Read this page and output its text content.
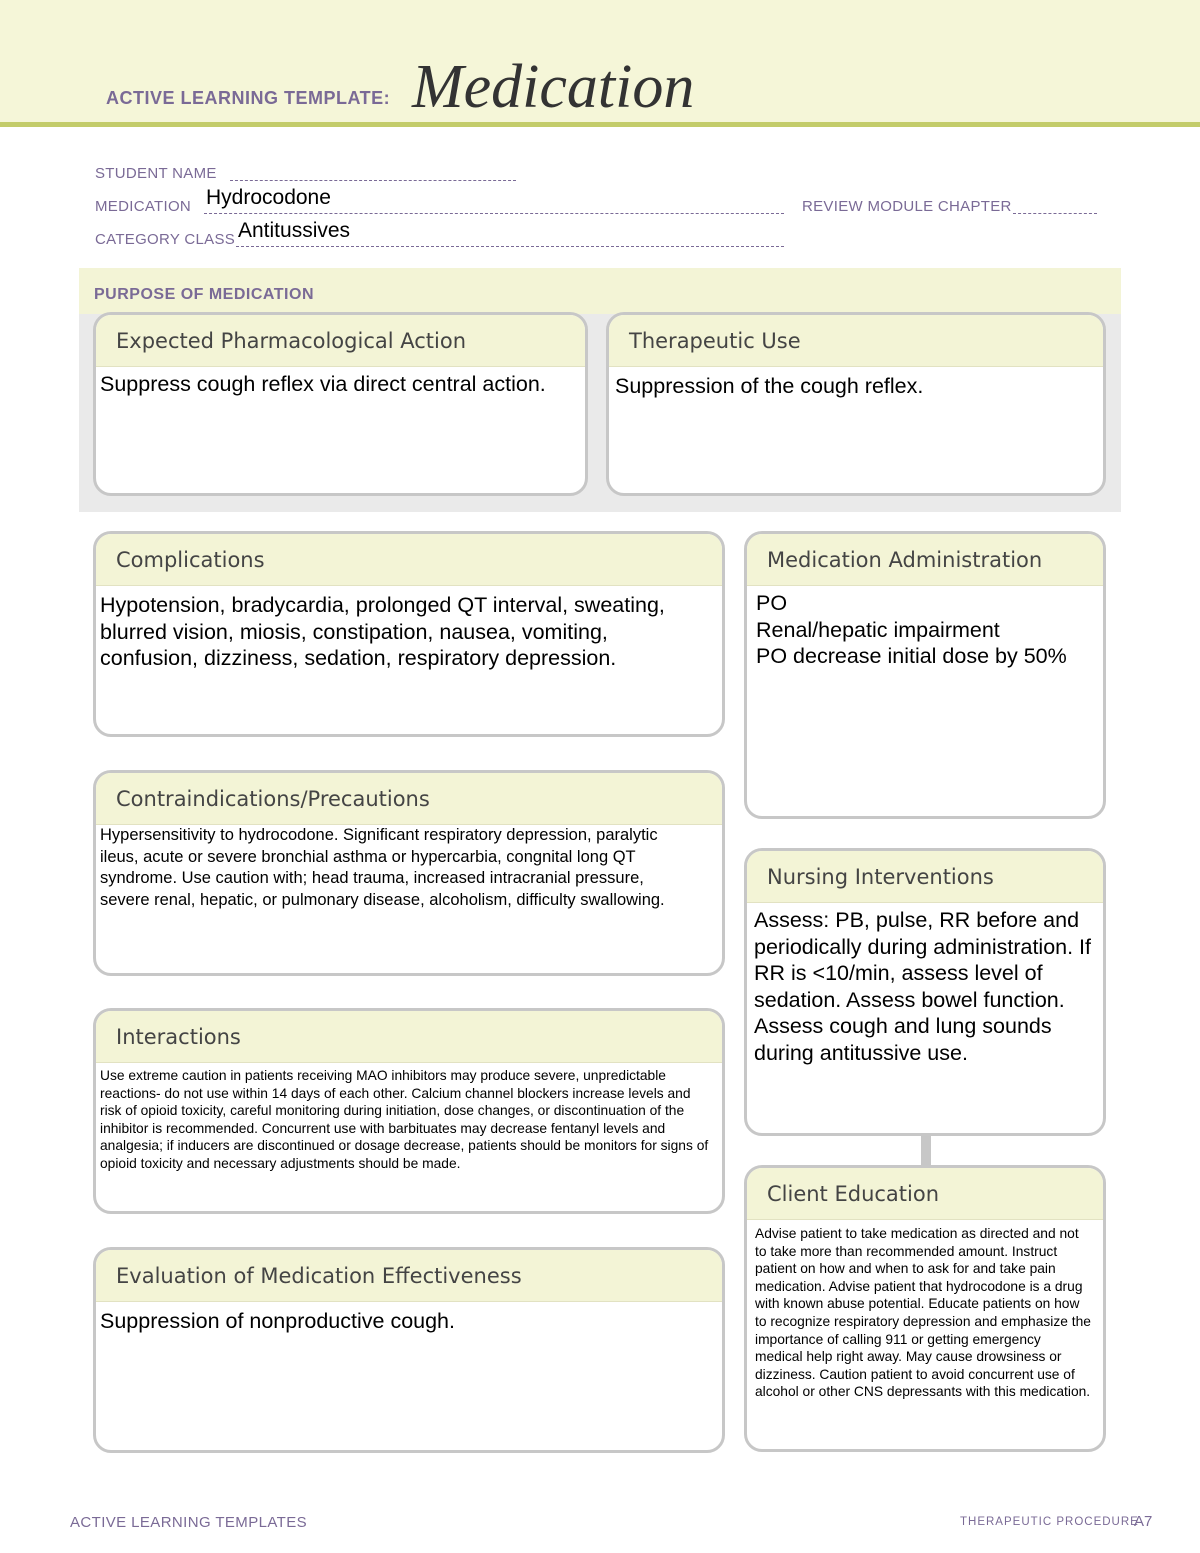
ACTIVE LEARNING TEMPLATE: Medication
STUDENT NAME
MEDICATION Hydrocodone	REVIEW MODULE CHAPTER
CATEGORY CLASS Antitussives
PURPOSE OF MEDICATION
Expected Pharmacological Action
Suppress cough reflex via direct central action.
Therapeutic Use
Suppression of the cough reflex.
Complications
Hypotension, bradycardia, prolonged QT interval, sweating, blurred vision, miosis, constipation, nausea, vomiting, confusion, dizziness, sedation, respiratory depression.
Medication Administration
PO
Renal/hepatic impairment
PO decrease initial dose by 50%
Contraindications/Precautions
Hypersensitivity to hydrocodone. Significant respiratory depression, paralytic ileus, acute or severe bronchial asthma or hypercarbia, congnital long QT syndrome. Use caution with; head trauma, increased intracranial pressure, severe renal, hepatic, or pulmonary disease, alcoholism, difficulty swallowing.
Nursing Interventions
Assess: PB, pulse, RR before and periodically during administration. If RR is <10/min, assess level of sedation. Assess bowel function. Assess cough and lung sounds during antitussive use.
Interactions
Use extreme caution in patients receiving MAO inhibitors may produce severe, unpredictable reactions- do not use within 14 days of each other. Calcium channel blockers increase levels and risk of opioid toxicity, careful monitoring during initiation, dose changes, or discontinuation of the inhibitor is recommended. Concurrent use with barbituates may decrease fentanyl levels and analgesia; if inducers are discontinued or dosage decrease, patients should be monitors for signs of opioid toxicity and necessary adjustments should be made.
Client Education
Advise patient to take medication as directed and not to take more than recommended amount. Instruct patient on how and when to ask for and take pain medication. Advise patient that hydrocodone is a drug with known abuse potential. Educate patients on how to recognize respiratory depression and emphasize the importance of calling 911 or getting emergency medical help right away. May cause drowsiness or dizziness. Caution patient to avoid concurrent use of alcohol or other CNS depressants with this medication.
Evaluation of Medication Effectiveness
Suppression of nonproductive cough.
ACTIVE LEARNING TEMPLATES	THERAPEUTIC PROCEDURE
A7
